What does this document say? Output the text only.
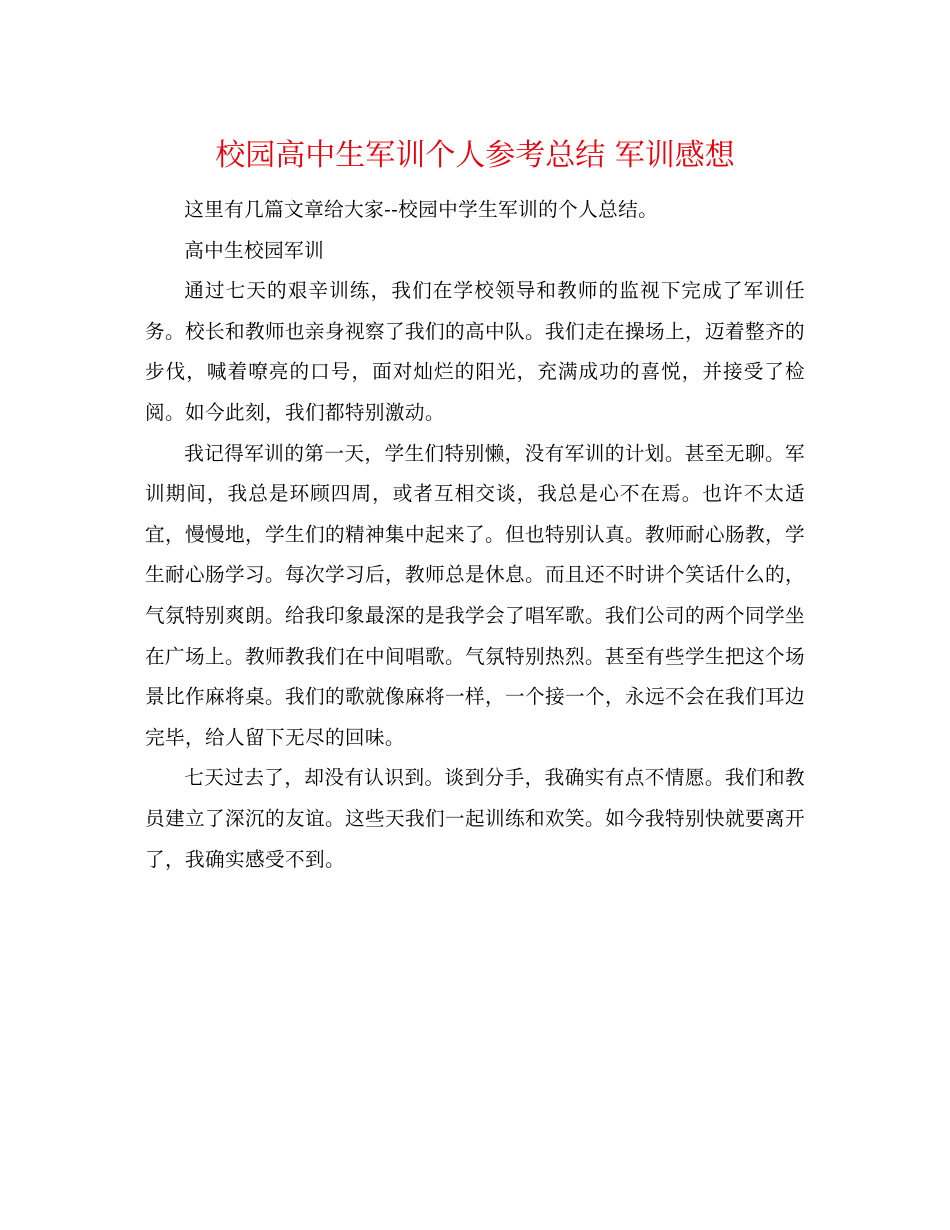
校园高中生军训个人参考总结 军训感想

这里有几篇文章给大家--校园中学生军训的个人总结。

高中生校园军训

通过七天的艰辛训练，我们在学校领导和教师的监视下完成了军训任务。校长和教师也亲身视察了我们的高中队。我们走在操场上，迈着整齐的步伐，喊着嘹亮的口号，面对灿烂的阳光，充满成功的喜悦，并接受了检阅。如今此刻，我们都特别激动。

我记得军训的第一天，学生们特别懒，没有军训的计划。甚至无聊。军训期间，我总是环顾四周，或者互相交谈，我总是心不在焉。也许不太适宜，慢慢地，学生们的精神集中起来了。但也特别认真。教师耐心肠教，学生耐心肠学习。每次学习后，教师总是休息。而且还不时讲个笑话什么的，气氛特别爽朗。给我印象最深的是我学会了唱军歌。我们公司的两个同学坐在广场上。教师教我们在中间唱歌。气氛特别热烈。甚至有些学生把这个场景比作麻将桌。我们的歌就像麻将一样，一个接一个，永远不会在我们耳边完毕，给人留下无尽的回味。

七天过去了，却没有认识到。谈到分手，我确实有点不情愿。我们和教员建立了深沉的友谊。这些天我们一起训练和欢笑。如今我特别快就要离开了，我确实感受不到。
